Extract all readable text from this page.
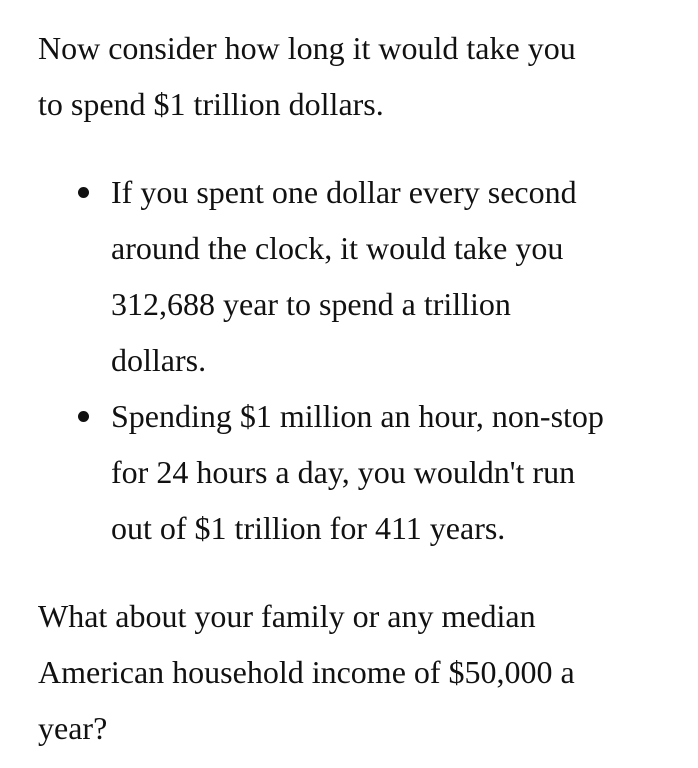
Now consider how long it would take you
to spend $1 trillion dollars.

If you spent one dollar every second
around the clock, it would take you
312,688 year to spend a trillion
dollars.
Spending $1 million an hour, non-stop
for 24 hours a day, you wouldn't run
out of $1 trillion for 411 years.

What about your family or any median
American household income of $50,000 a
year?
